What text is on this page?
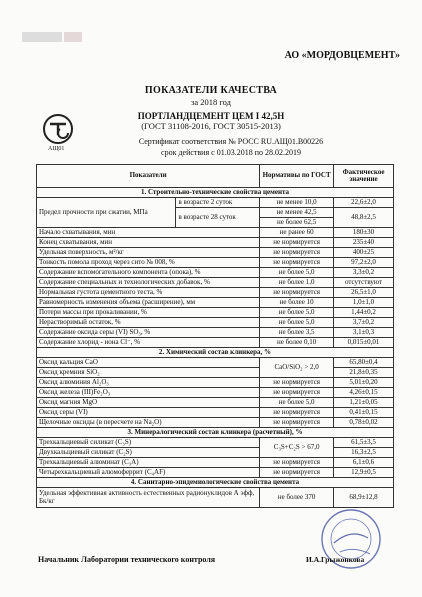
АО «МОРДОВЦЕМЕНТ»
АЩ01
ПОКАЗАТЕЛИ КАЧЕСТВА
за 2018 год
ПОРТЛАНДЦЕМЕНТ ЦЕМ I 42,5Н
(ГОСТ 31108-2016, ГОСТ 30515-2013)
Сертификат соответствия № РОСС RU.АЩ01.В00226
срок действия с 01.03.2018 по 28.02.2019
Показатели		Нормативы по ГОСТ	Фактическое значение
1. Строительно-технические свойства цемента			
Предел прочности при сжатии, МПа	в возрасте 2 суток	не менее 10,0	22,6±2,0
	в возрасте 28 суток	не менее 42,5	48,8±2,5
		не более 62,5	
Начало схватывания, мин		не ранее 60	180±30
Конец схватывания, мин		не нормируется	235±40
Удельная поверхность, м²/кг		не нормируется	400±25
Тонкость помола проход через сито № 008, %		не нормируется	97,2±2,0
Содержание вспомогательного компонента (опока), %		не более 5,0	3,3±0,2
Содержание специальных и технологических добавок, %		не более 1,0	отсутствуют
Нормальная густота цементного теста, %		не нормируется	26,5±1,0
Равномерность изменения объема (расширение), мм		не более 10	1,0±1,0
Потери массы при прокаливании, %		не более 5,0	1,44±0,2
Нерастворимый остаток, %		не более 5,0	3,7±0,2
Содержание оксида серы (VI) SO₃, %		не более 3,5	3,1±0,3
Содержание хлорид - иона Cl⁻, %		не более 0,10	0,015±0,01
2. Химический состав клинкера, %			
Оксид кальция CaO		CaO/SiO₂ > 2,0	65,80±0,4
Оксид кремния SiO₂			21,8±0,35
Оксид алюминия Al₂O₃		не нормируется	5,01±0,20
Оксид железа (III)Fe₂O₃		не нормируется	4,26±0,15
Оксид магния MgO		не более 5,0	1,21±0,05
Оксид серы (VI)		не нормируется	0,41±0,15
Щелочные оксиды (в пересчете на Na₂O)		не нормируется	0,78±0,02
3. Минералогический состав клинкера (расчетный), %			
Трехкальциевый силикат (C₃S)		C₃S+C₂S > 67,0	61,5±3,5
Двухкальциевый силикат (C₂S)			16,3±2,5
Трехкальциевый алюминат (C₃A)		не нормируется	6,1±0,6
Четырехкальциевый алюмоферрит (C₄AF)		не нормируется	12,9±0,5
4. Санитарно-эпидемиологические свойства цемента			
Удельная эффективная активность естественных радионуклидов А эфф, Бк/кг		не более 370	68,9±12,8
Начальник Лаборатории технического контроля	И.А.Грыжонкова
